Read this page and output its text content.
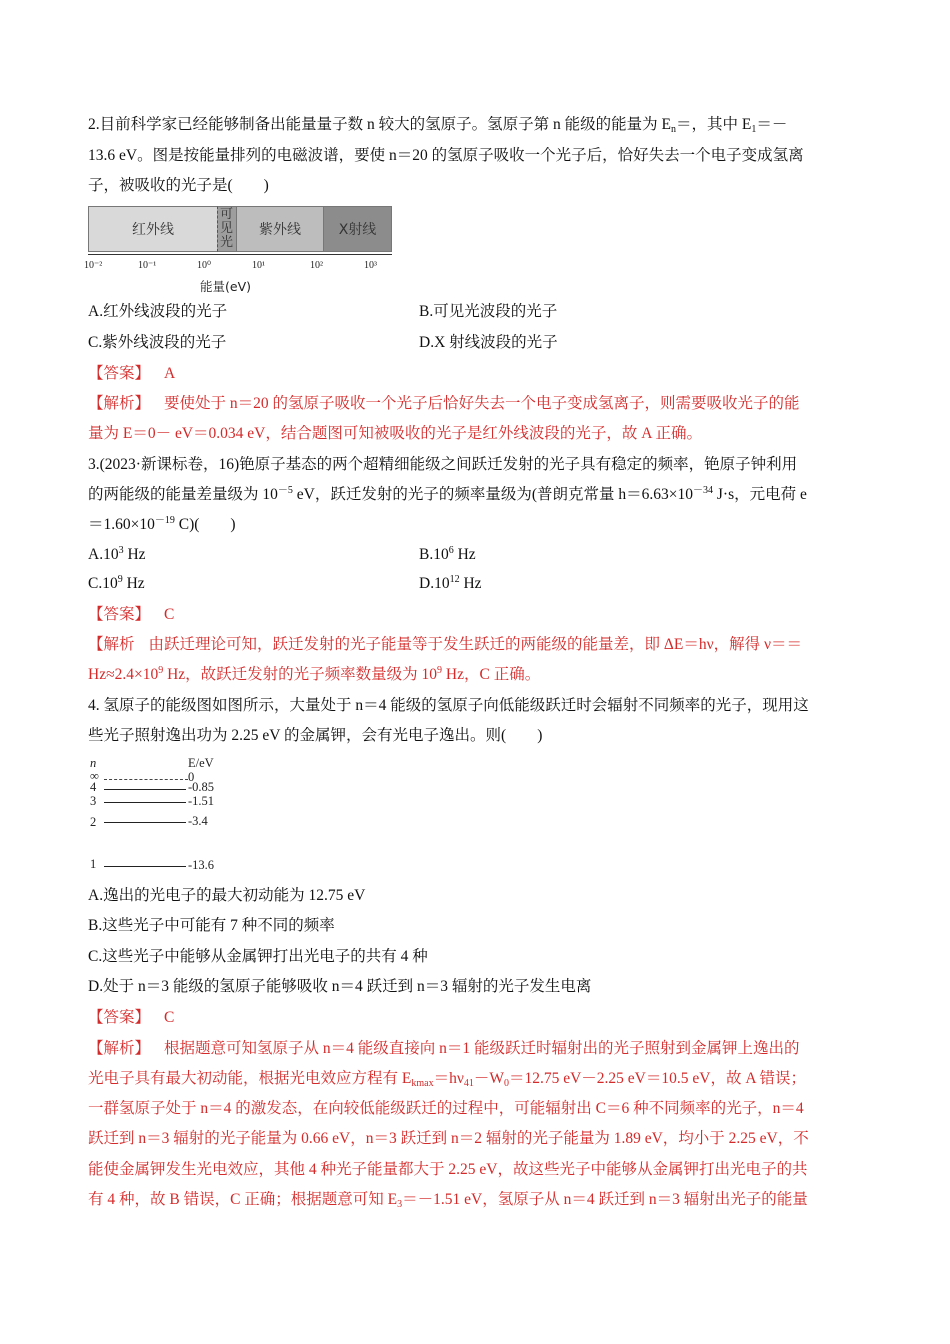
2.目前科学家已经能够制备出能量量子数 n 较大的氢原子。氢原子第 n 能级的能量为 $E_n=$，其中 $E_1=-$
13.6 eV。图是按能量排列的电磁波谱，要使 n＝20 的氢原子吸收一个光子后，恰好失去一个电子变成氢离
子，被吸收的光子是(　　)
红外线
可见光
紫外线	X射线
10⁻²	10⁻¹	10⁰	10¹	10²	10³
能量(eV)
A.红外线波段的光子	B.可见光波段的光子
C.紫外线波段的光子	D.X 射线波段的光子
【答案】 A
【解析】 要使处于 n＝20 的氢原子吸收一个光子后恰好失去一个电子变成氢离子，则需要吸收光子的能
量为 E＝0－ eV＝0.034 eV，结合题图可知被吸收的光子是红外线波段的光子，故 A 正确。
3.(2023·新课标卷，16)铯原子基态的两个超精细能级之间跃迁发射的光子具有稳定的频率，铯原子钟利用
的两能级的能量差量级为 $10^{-5}$ eV，跃迁发射的光子的频率量级为(普朗克常量 $h=6.63\times 10^{-34}$ J·s，元电荷 e
$=1.60\times 10^{-19}$ C)(　　)
$A.10^3$ Hz	$B.10^6$ Hz
$C.10^9$ Hz	$D.10^{12}$ Hz
【答案】 C
【解析 由跃迁理论可知，跃迁发射的光子能量等于发生跃迁的两能级的能量差，即 ΔE＝hν，解得 ν＝＝
$Hz\approx 2.4\times 10^9$ Hz，故跃迁发射的光子频率数量级为 $10^9$ Hz，C 正确。
4. 氢原子的能级图如图所示，大量处于 n＝4 能级的氢原子向低能级跃迁时会辐射不同频率的光子，现用这
些光子照射逸出功为 2.25 eV 的金属钾，会有光电子逸出。则(　　)
n	E/eV
∞	0
4	-0.85
3	-1.51
2	-3.4
1	-13.6
A.逸出的光电子的最大初动能为 12.75 eV
B.这些光子中可能有 7 种不同的频率
C.这些光子中能够从金属钾打出光电子的共有 4 种
D.处于 n＝3 能级的氢原子能够吸收 n＝4 跃迁到 n＝3 辐射的光子发生电离
【答案】 C
【解析】 根据题意可知氢原子从 n＝4 能级直接向 n＝1 能级跃迁时辐射出的光子照射到金属钾上逸出的
光电子具有最大初动能，根据光电效应方程有 $E_{kmax}=h\nu_{41}-W_0=12.75$ eV－2.25 eV＝10.5 eV，故 A 错误；
一群氢原子处于 n＝4 的激发态，在向较低能级跃迁的过程中，可能辐射出 C＝6 种不同频率的光子，n＝4
跃迁到 n＝3 辐射的光子能量为 0.66 eV，n＝3 跃迁到 n＝2 辐射的光子能量为 1.89 eV，均小于 2.25 eV，不
能使金属钾发生光电效应，其他 4 种光子能量都大于 2.25 eV，故这些光子中能够从金属钾打出光电子的共
有 4 种，故 B 错误，C 正确；根据题意可知 $E_3=-1.51$ eV，氢原子从 n＝4 跃迁到 n＝3 辐射出光子的能量
